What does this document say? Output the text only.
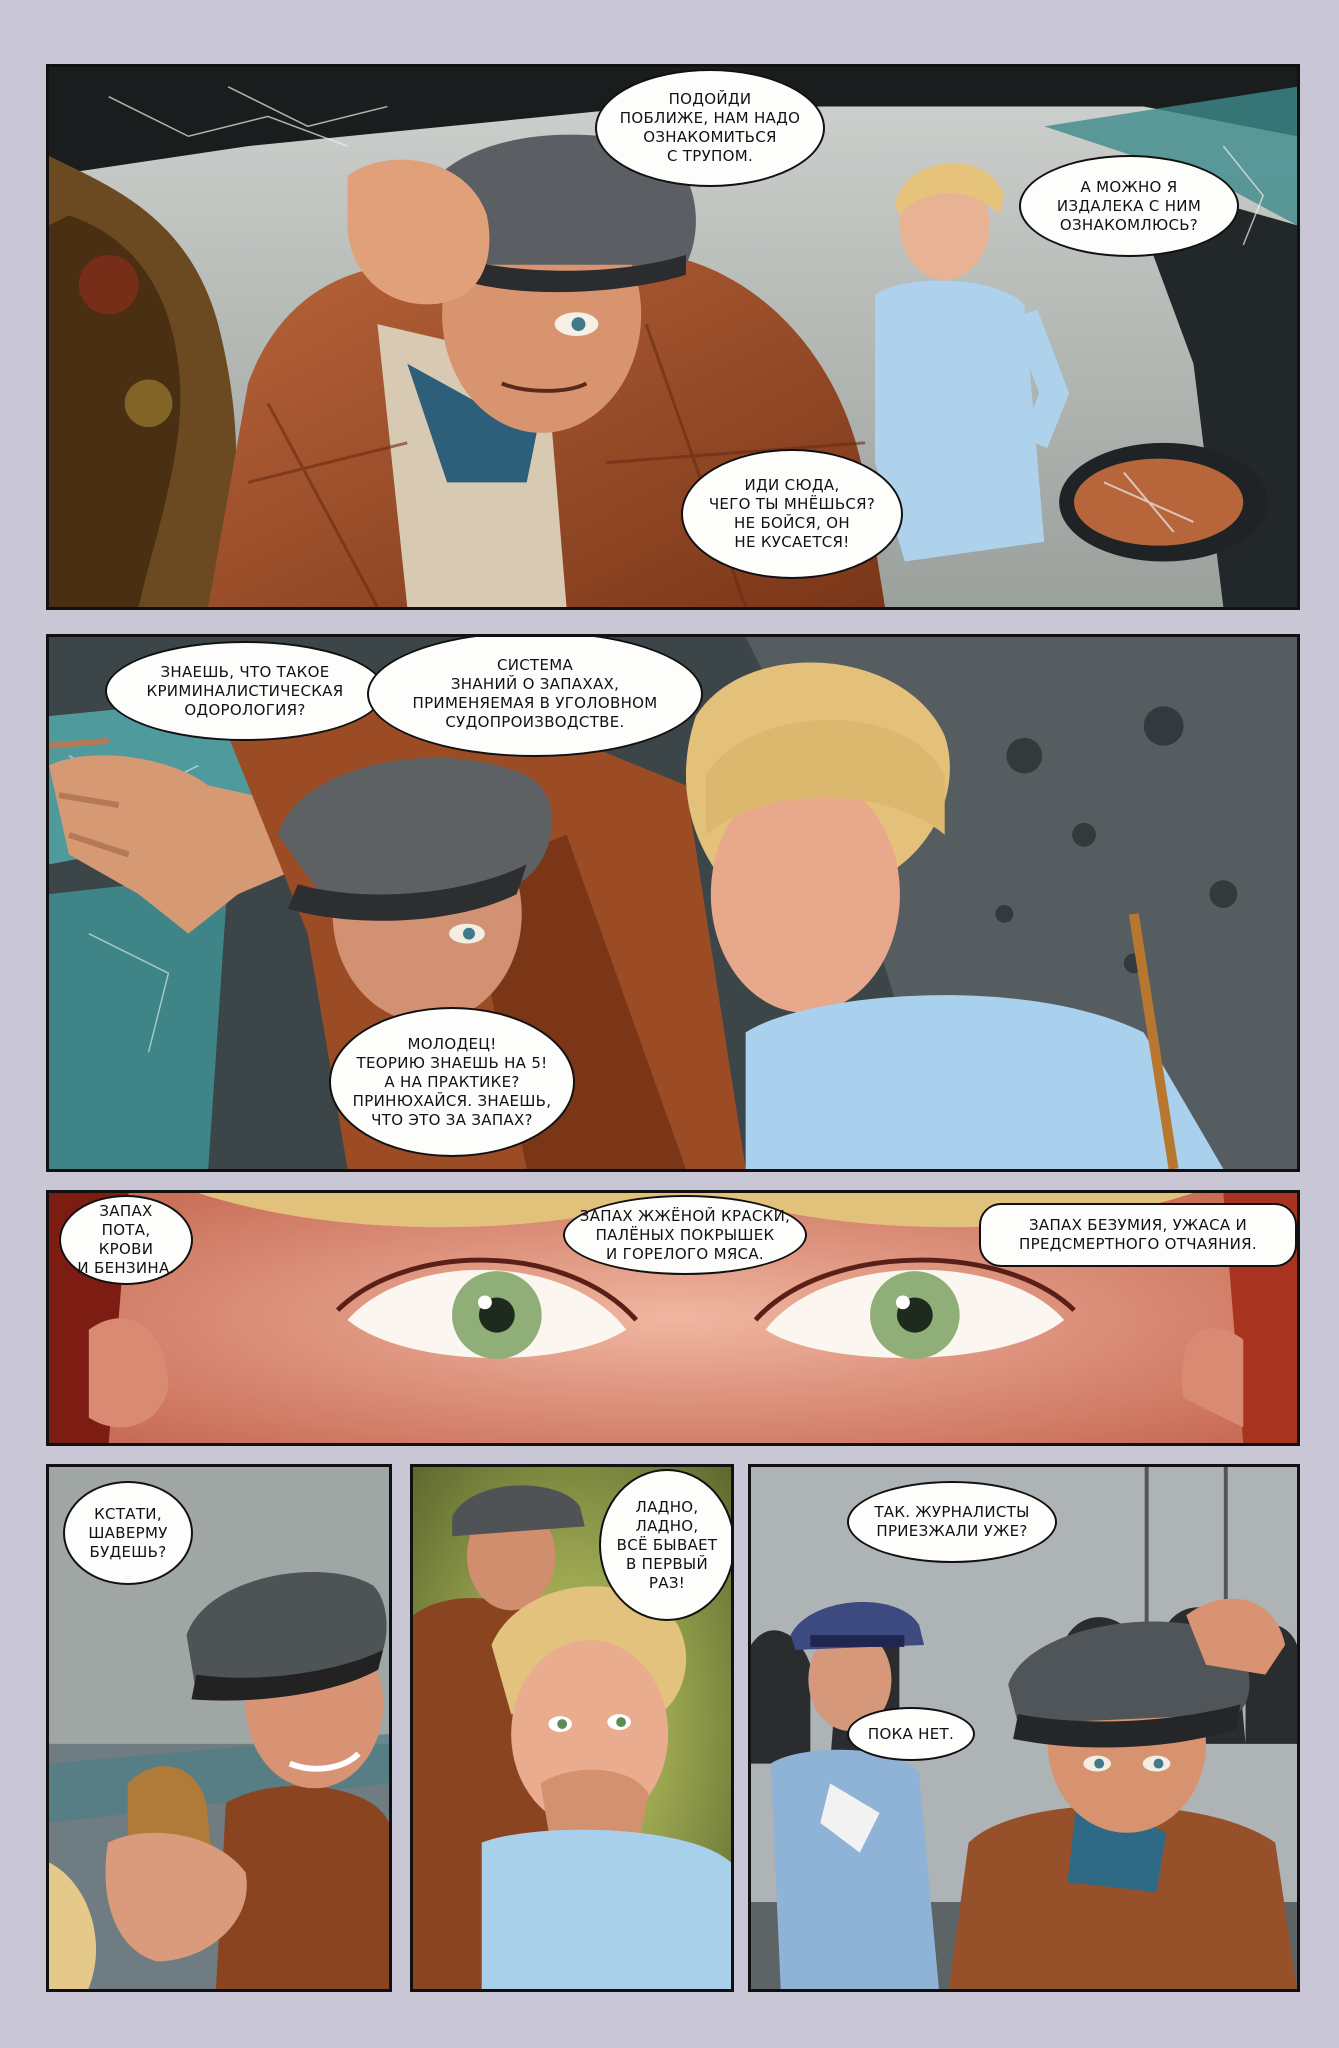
ПОДОЙДИ
ПОБЛИЖЕ, НАМ НАДО
ОЗНАКОМИТЬСЯ
С ТРУПОМ.
А МОЖНО Я
ИЗДАЛЕКА С НИМ
ОЗНАКОМЛЮСЬ?
ИДИ СЮДА,
ЧЕГО ТЫ МНЁШЬСЯ?
НЕ БОЙСЯ, ОН
НЕ КУСАЕТСЯ!
ЗНАЕШЬ, ЧТО ТАКОЕ
КРИМИНАЛИСТИЧЕСКАЯ
ОДОРОЛОГИЯ?
СИСТЕМА
ЗНАНИЙ О ЗАПАХАХ,
ПРИМЕНЯЕМАЯ В УГОЛОВНОМ
СУДОПРОИЗВОДСТВЕ.
МОЛОДЕЦ!
ТЕОРИЮ ЗНАЕШЬ НА 5!
А НА ПРАКТИКЕ?
ПРИНЮХАЙСЯ. ЗНАЕШЬ,
ЧТО ЭТО ЗА ЗАПАХ?
ЗАПАХ
ПОТА, КРОВИ
И БЕНЗИНА.
ЗАПАХ ЖЖЁНОЙ КРАСКИ,
ПАЛЁНЫХ ПОКРЫШЕК
И ГОРЕЛОГО МЯСА.
ЗАПАХ БЕЗУМИЯ, УЖАСА И
ПРЕДСМЕРТНОГО ОТЧАЯНИЯ.
КСТАТИ,
ШАВЕРМУ
БУДЕШЬ?
ЛАДНО,
ЛАДНО,
ВСЁ БЫВАЕТ
В ПЕРВЫЙ
РАЗ!
ТАК. ЖУРНАЛИСТЫ
ПРИЕЗЖАЛИ УЖЕ?
ПОКА НЕТ.
